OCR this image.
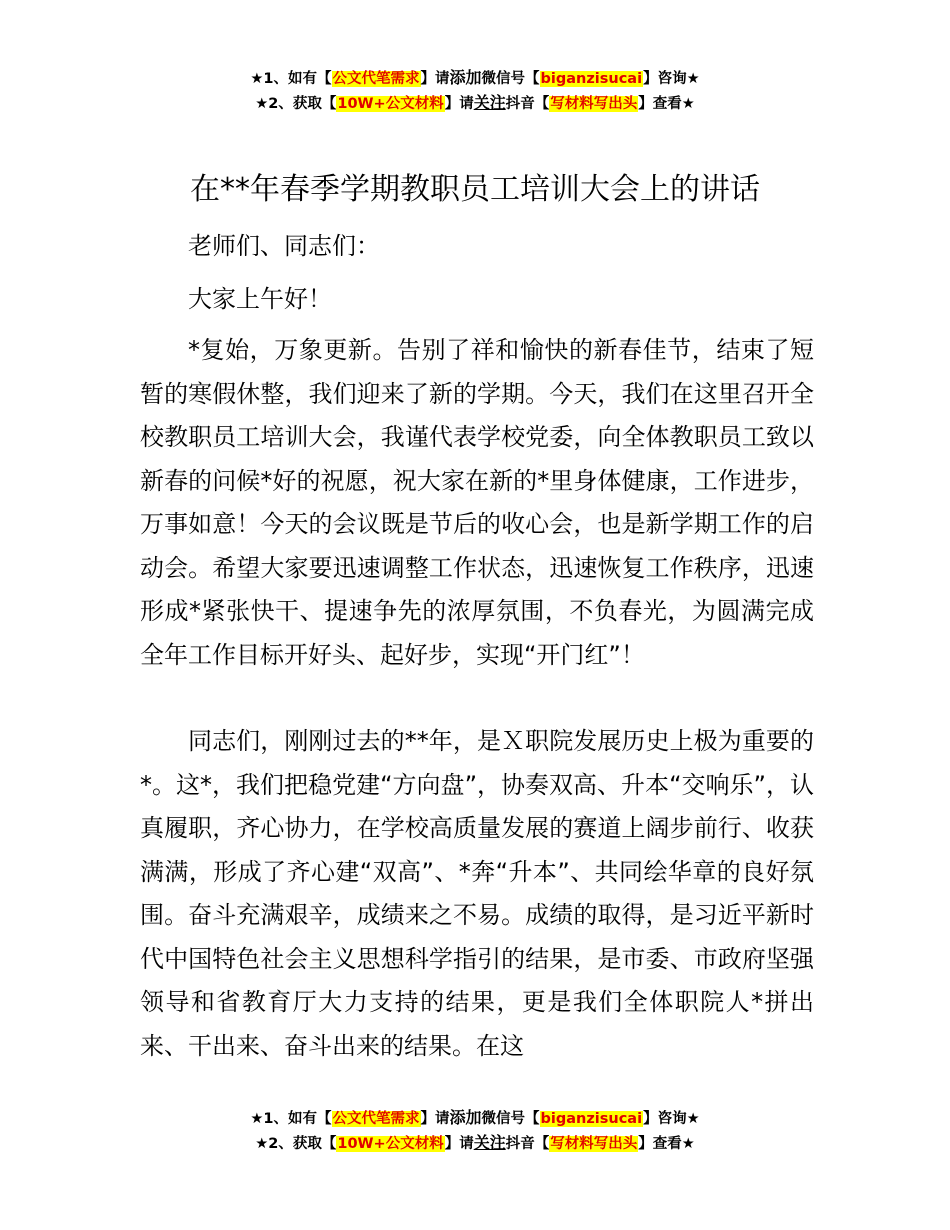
★1、如有【公文代笔需求】请添加微信号【biganzisucai】咨询★
★2、获取【10W+公文材料】请关注抖音【写材料写出头】查看★
在**年春季学期教职员工培训大会上的讲话

老师们、同志们：

大家上午好！

*复始，万象更新。告别了祥和愉快的新春佳节，结束了短暂的寒假休整，我们迎来了新的学期。今天，我们在这里召开全校教职员工培训大会，我谨代表学校党委，向全体教职员工致以新春的问候*好的祝愿，祝大家在新的*里身体健康，工作进步，万事如意！今天的会议既是节后的收心会，也是新学期工作的启动会。希望大家要迅速调整工作状态，迅速恢复工作秩序，迅速形成*紧张快干、提速争先的浓厚氛围，不负春光，为圆满完成全年工作目标开好头、起好步，实现“开门红”！

同志们，刚刚过去的**年，是Ｘ职院发展历史上极为重要的*。这*，我们把稳党建“方向盘”，协奏双高、升本“交响乐”，认真履职，齐心协力，在学校高质量发展的赛道上阔步前行、收获满满，形成了齐心建“双高”、*奔“升本”、共同绘华章的良好氛围。奋斗充满艰辛，成绩来之不易。成绩的取得，是习近平新时代中国特色社会主义思想科学指引的结果，是市委、市政府坚强领导和省教育厅大力支持的结果，更是我们全体职院人*拼出来、干出来、奋斗出来的结果。在这

★1、如有【公文代笔需求】请添加微信号【biganzisucai】咨询★
★2、获取【10W+公文材料】请关注抖音【写材料写出头】查看★
